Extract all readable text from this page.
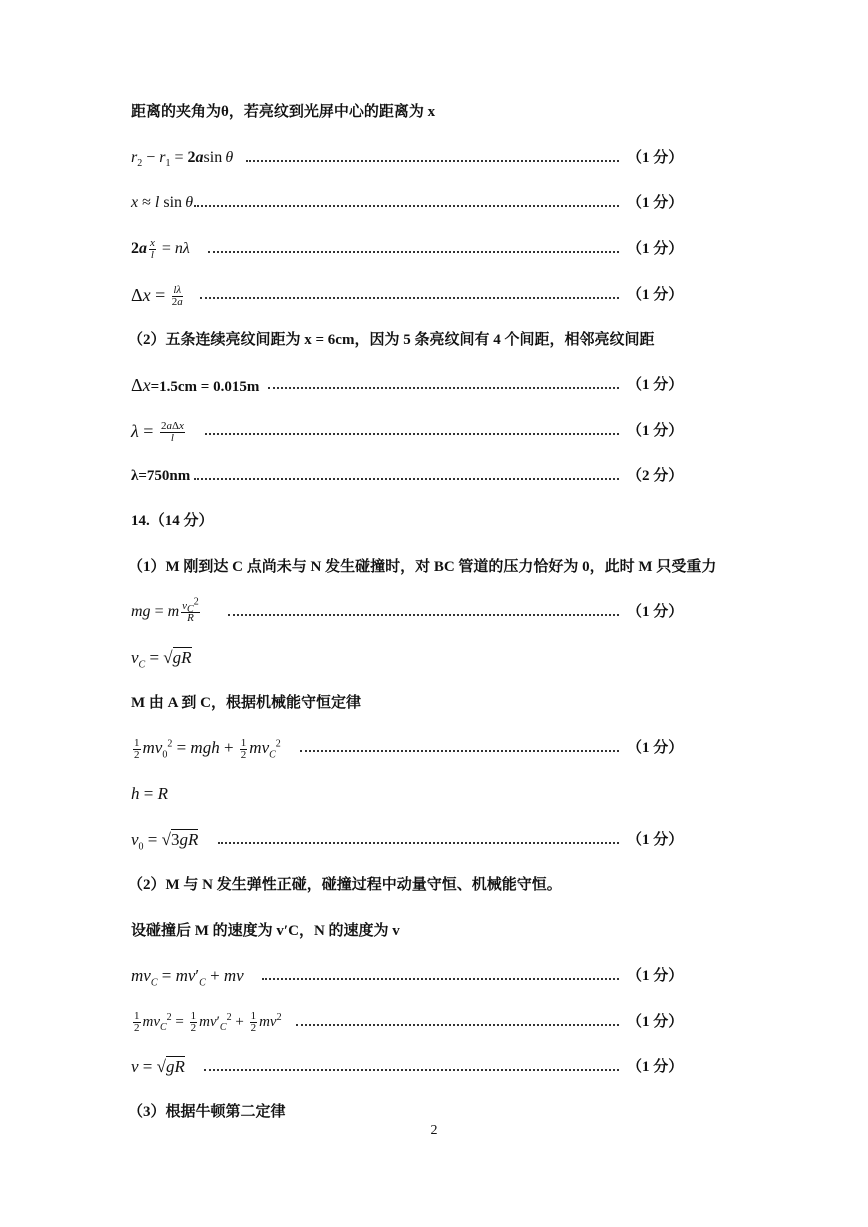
距离的夹角为θ，若亮纹到光屏中心的距离为 x
$r_2 - r_1 = 2asin$ θ	（1 分）
x ≈ l sin θ	（1 分）
$2a \frac{x}{l} = n\lambda$	（1 分）
$\Delta x = \frac{l\lambda}{2a}$	（1 分）
（2）五条连续亮纹间距为 x = 6cm，因为 5 条亮纹间有 4 个间距，相邻亮纹间距
Δx=1.5cm = 0.015m	（1 分）
$\lambda = \frac{\text{2aΔx}}{l}$	（1 分）
λ=750nm	（2 分）
14.（14 分）
（1）M 刚到达 C 点尚未与 N 发生碰撞时，对 BC 管道的压力恰好为 0，此时 M 只受重力
mg = m $\frac{v_C^2}{R}$	（1 分）
$v_C = √gR$
M 由 A 到 C，根据机械能守恒定律
$\frac{1}{2} mv_0^2$ = mgh + $\frac{1}{2} mv_C^2$	（1 分）
h = R
$v_0 = √3gR$	（1 分）
（2）M 与 N 发生弹性正碰，碰撞过程中动量守恒、机械能守恒。
设碰撞后 M 的速度为 v′C，N 的速度为 v
$mv_C = mv'_C$ + mv	（1 分）
$\frac{1}{2} mv_C^2 = \frac{1}{2} mv'_C^2 + \frac{1}{2} mv^2$	（1 分）
v = √gR	（1 分）
（3）根据牛顿第二定律
2
